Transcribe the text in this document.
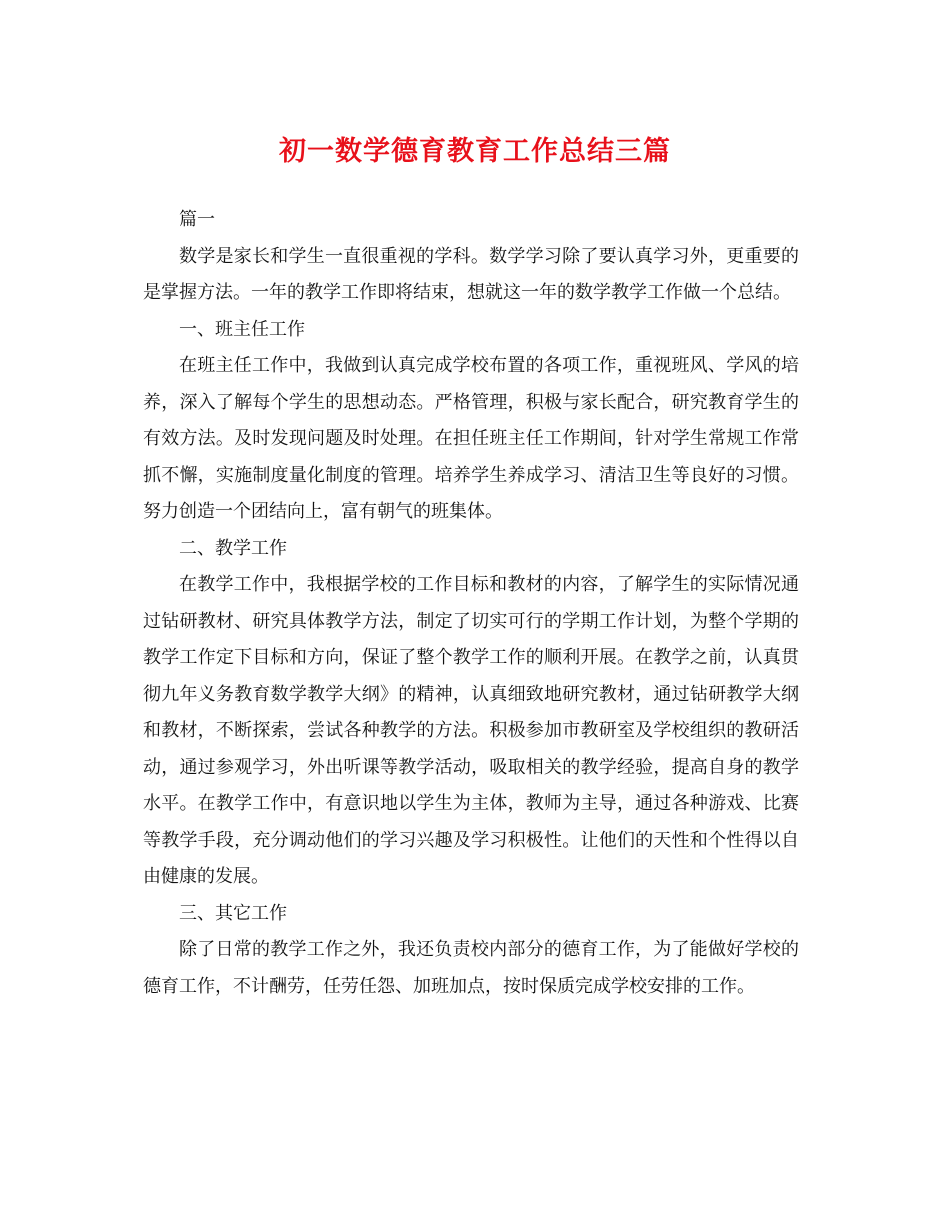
初一数学德育教育工作总结三篇

篇一

数学是家长和学生一直很重视的学科。数学学习除了要认真学习外，更重要的是掌握方法。一年的教学工作即将结束，想就这一年的数学教学工作做一个总结。

一、班主任工作

在班主任工作中，我做到认真完成学校布置的各项工作，重视班风、学风的培养，深入了解每个学生的思想动态。严格管理，积极与家长配合，研究教育学生的有效方法。及时发现问题及时处理。在担任班主任工作期间，针对学生常规工作常抓不懈，实施制度量化制度的管理。培养学生养成学习、清洁卫生等良好的习惯。努力创造一个团结向上，富有朝气的班集体。

二、教学工作

在教学工作中，我根据学校的工作目标和教材的内容，了解学生的实际情况通过钻研教材、研究具体教学方法，制定了切实可行的学期工作计划，为整个学期的教学工作定下目标和方向，保证了整个教学工作的顺利开展。在教学之前，认真贯彻九年义务教育数学教学大纲》的精神，认真细致地研究教材，通过钻研教学大纲和教材，不断探索，尝试各种教学的方法。积极参加市教研室及学校组织的教研活动，通过参观学习，外出听课等教学活动，吸取相关的教学经验，提高自身的教学水平。在教学工作中，有意识地以学生为主体，教师为主导，通过各种游戏、比赛等教学手段，充分调动他们的学习兴趣及学习积极性。让他们的天性和个性得以自由健康的发展。

三、其它工作

除了日常的教学工作之外，我还负责校内部分的德育工作，为了能做好学校的德育工作，不计酬劳，任劳任怨、加班加点，按时保质完成学校安排的工作。
